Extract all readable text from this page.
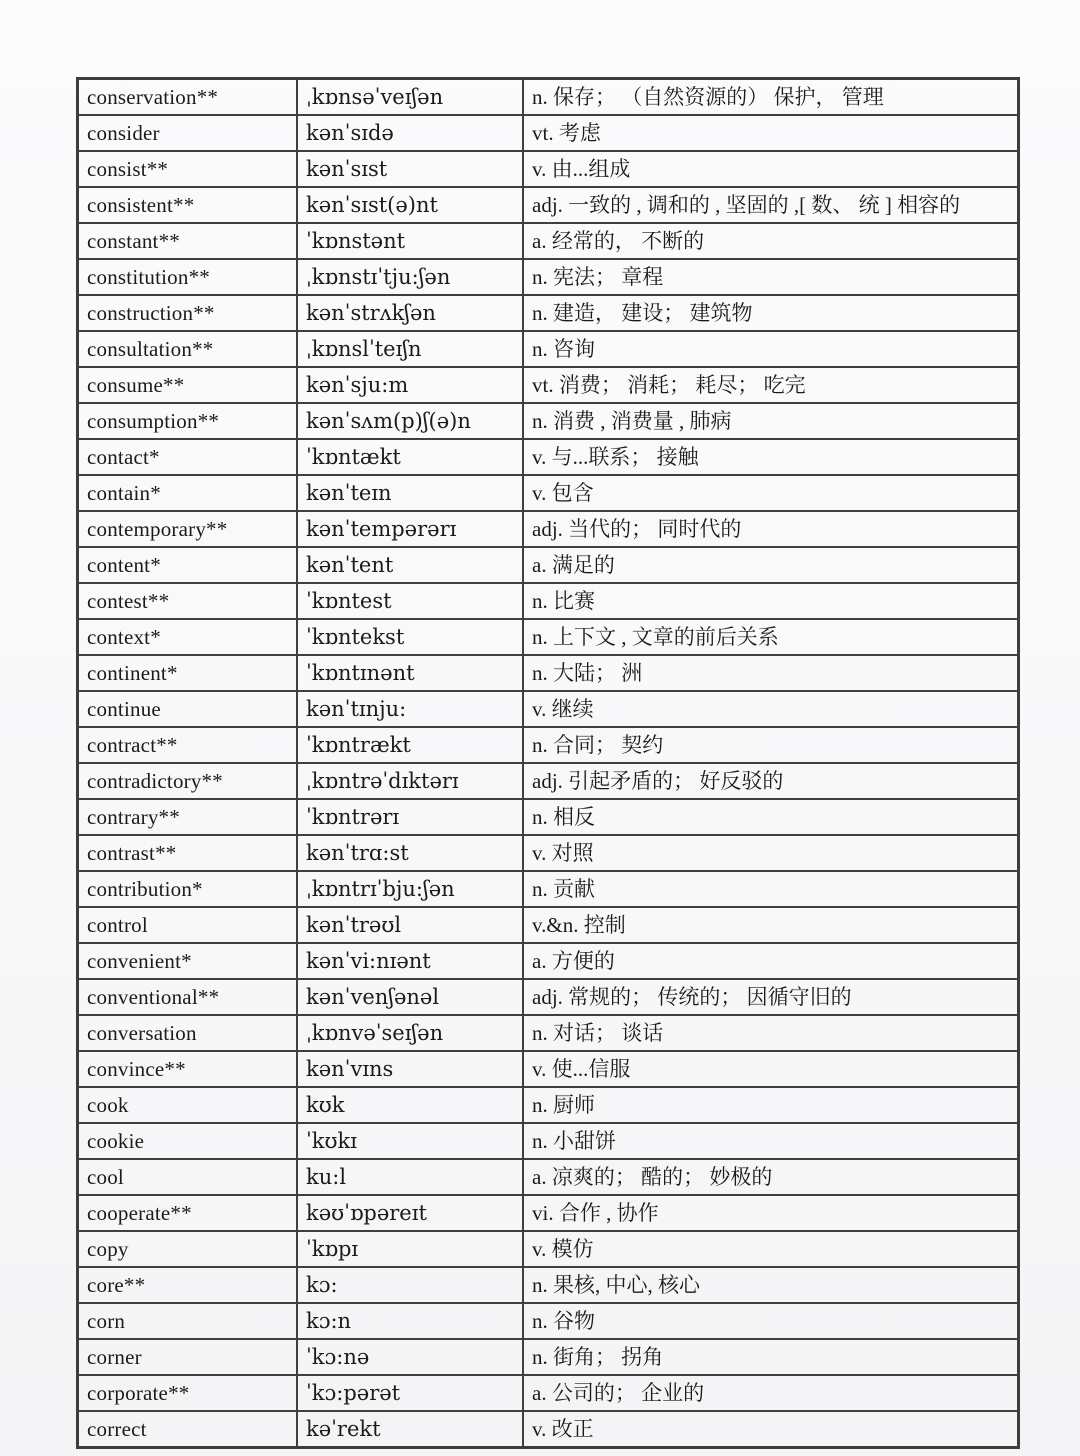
conservation**	ˌkɒnsəˈveɪʃən	n. 保存； （自然资源的） 保护， 管理
consider	kənˈsɪdə	vt. 考虑
consist**	kənˈsɪst	v. 由...组成
consistent**	kənˈsɪst(ə)nt	adj. 一致的 , 调和的 , 坚固的 ,[ 数、 统 ] 相容的
constant**	ˈkɒnstənt	a. 经常的， 不断的
constitution**	ˌkɒnstɪˈtju:ʃən	n. 宪法； 章程
construction**	kənˈstrʌkʃən	n. 建造， 建设； 建筑物
consultation**	ˌkɒnslˈteɪʃn	n. 咨询
consume**	kənˈsju:m	vt. 消费； 消耗； 耗尽； 吃完
consumption**	kənˈsʌm(p)ʃ(ə)n	n. 消费 , 消费量 , 肺病
contact*	ˈkɒntækt	v. 与...联系； 接触
contain*	kənˈteɪn	v. 包含
contemporary**	kənˈtempərərɪ	adj. 当代的； 同时代的
content*	kənˈtent	a. 满足的
contest**	ˈkɒntest	n. 比赛
context*	ˈkɒntekst	n. 上下文 , 文章的前后关系
continent*	ˈkɒntɪnənt	n. 大陆； 洲
continue	kənˈtɪnju:	v. 继续
contract**	ˈkɒntrækt	n. 合同； 契约
contradictory**	ˌkɒntrəˈdɪktərɪ	adj. 引起矛盾的； 好反驳的
contrary**	ˈkɒntrərɪ	n. 相反
contrast**	kənˈtrɑ:st	v. 对照
contribution*	ˌkɒntrɪˈbju:ʃən	n. 贡献
control	kənˈtrəʊl	v.&n. 控制
convenient*	kənˈvi:nɪənt	a. 方便的
conventional**	kənˈvenʃənəl	adj. 常规的； 传统的； 因循守旧的
conversation	ˌkɒnvəˈseɪʃən	n. 对话； 谈话
convince**	kənˈvɪns	v. 使...信服
cook	kʊk	n. 厨师
cookie	ˈkʊkɪ	n. 小甜饼
cool	ku:l	a. 凉爽的； 酷的； 妙极的
cooperate**	kəʊˈɒpəreɪt	vi. 合作 , 协作
copy	ˈkɒpɪ	v. 模仿
core**	kɔ:	n. 果核, 中心, 核心
corn	kɔ:n	n. 谷物
corner	ˈkɔ:nə	n. 街角； 拐角
corporate**	ˈkɔ:pərət	a. 公司的； 企业的
correct	kəˈrekt	v. 改正
